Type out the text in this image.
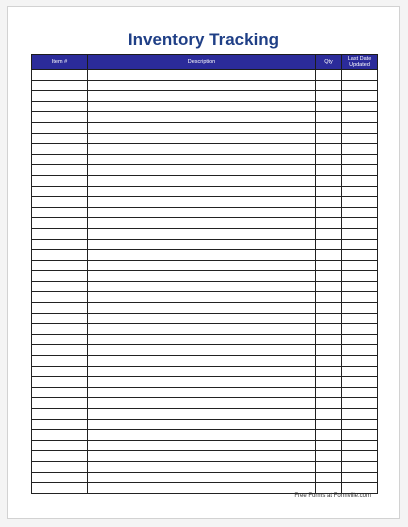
Inventory Tracking
Item #	Description	Qty	Last Date Updated

Free Forms at Formville.com
